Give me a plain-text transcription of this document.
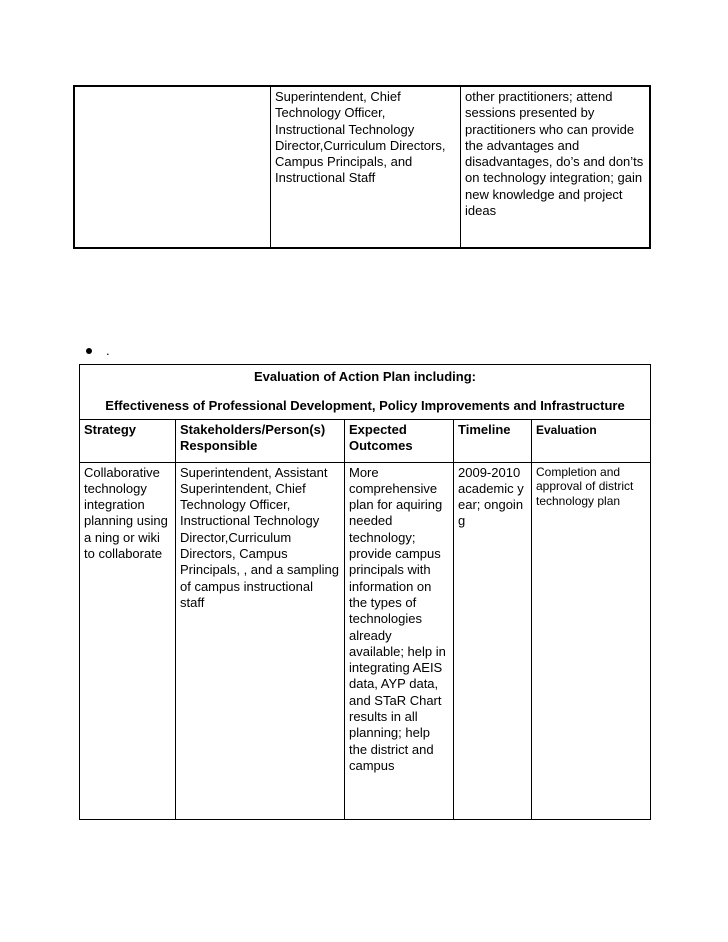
	Superintendent, Chief Technology Officer, Instructional Technology Director,Curriculum Directors, Campus Principals, and Instructional Staff	other practitioners; attend sessions presented by practitioners who can provide the advantages and disadvantages, do’s and don’ts on technology integration; gain new knowledge and project ideas
.
Evaluation of Action Plan including:
Effectiveness of Professional Development, Policy Improvements and Infrastructure				

Strategy	Stakeholders/Person(s) Responsible	Expected Outcomes	Timeline	Evaluation
Collaborative technology integration planning using a ning or wiki to collaborate	Superintendent, Assistant Superintendent, Chief Technology Officer, Instructional Technology Director,Curriculum Directors, Campus Principals, , and a sampling of campus instructional staff	More comprehensive plan for aquiring needed technology; provide campus principals with information on the types of technologies already available; help in integrating AEIS data, AYP data, and STaR Chart results in all planning; help the district and campus	2009-2010 academic year; ongoing	Completion and approval of district technology plan
